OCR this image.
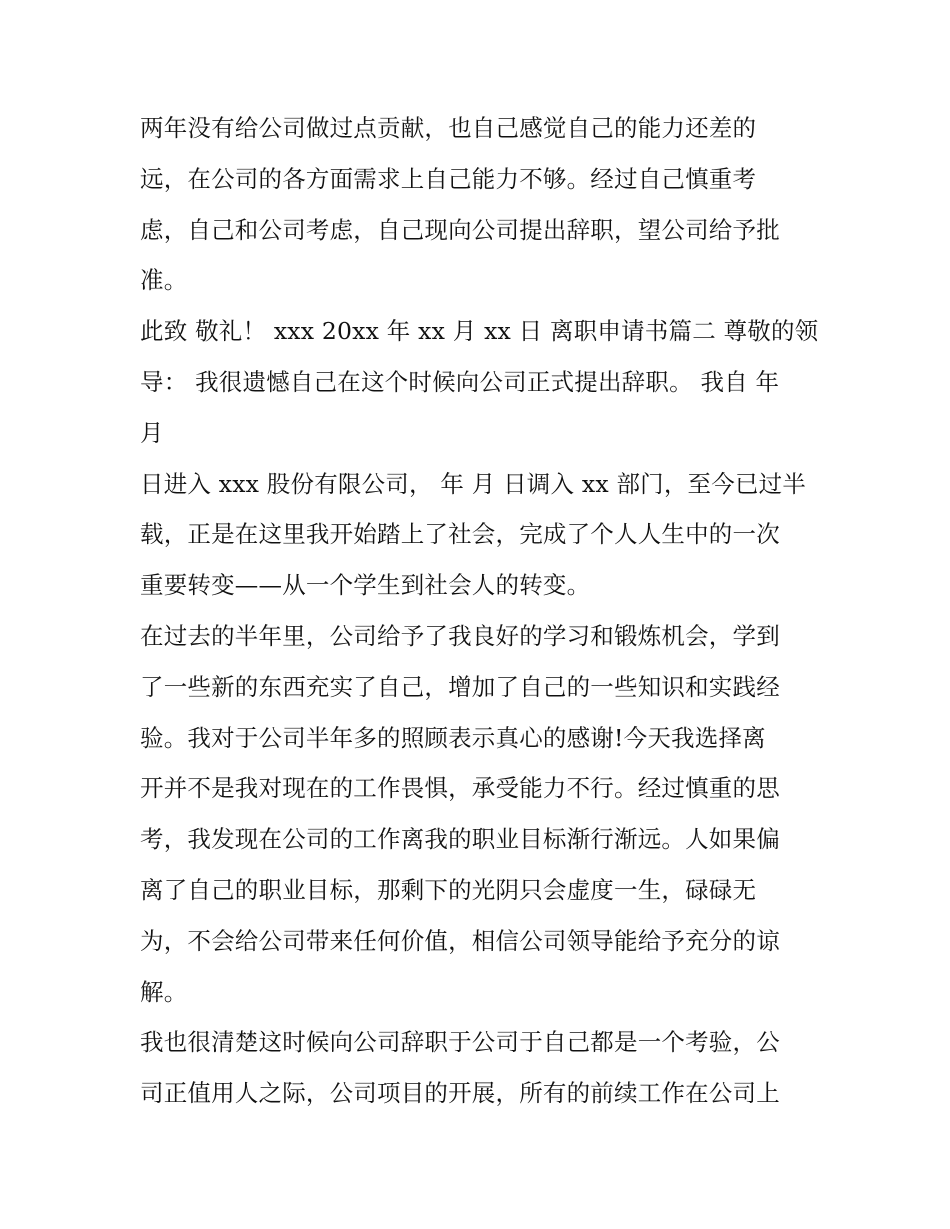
两年没有给公司做过点贡献，也自己感觉自己的能力还差的
远，在公司的各方面需求上自己能力不够。经过自己慎重考
虑，自己和公司考虑，自己现向公司提出辞职，望公司给予批
准。
此致 敬礼！ xxx 20xx 年 xx 月 xx 日 离职申请书篇二 尊敬的领
导： 我很遗憾自己在这个时候向公司正式提出辞职。 我自 年
月
日进入 xxx 股份有限公司， 年 月 日调入 xx 部门，至今已过半
载，正是在这里我开始踏上了社会，完成了个人人生中的一次
重要转变——从一个学生到社会人的转变。
在过去的半年里，公司给予了我良好的学习和锻炼机会，学到
了一些新的东西充实了自己，增加了自己的一些知识和实践经
验。我对于公司半年多的照顾表示真心的感谢!今天我选择离
开并不是我对现在的工作畏惧，承受能力不行。经过慎重的思
考，我发现在公司的工作离我的职业目标渐行渐远。人如果偏
离了自己的职业目标，那剩下的光阴只会虚度一生，碌碌无
为，不会给公司带来任何价值，相信公司领导能给予充分的谅
解。
我也很清楚这时候向公司辞职于公司于自己都是一个考验，公
司正值用人之际，公司项目的开展，所有的前续工作在公司上
